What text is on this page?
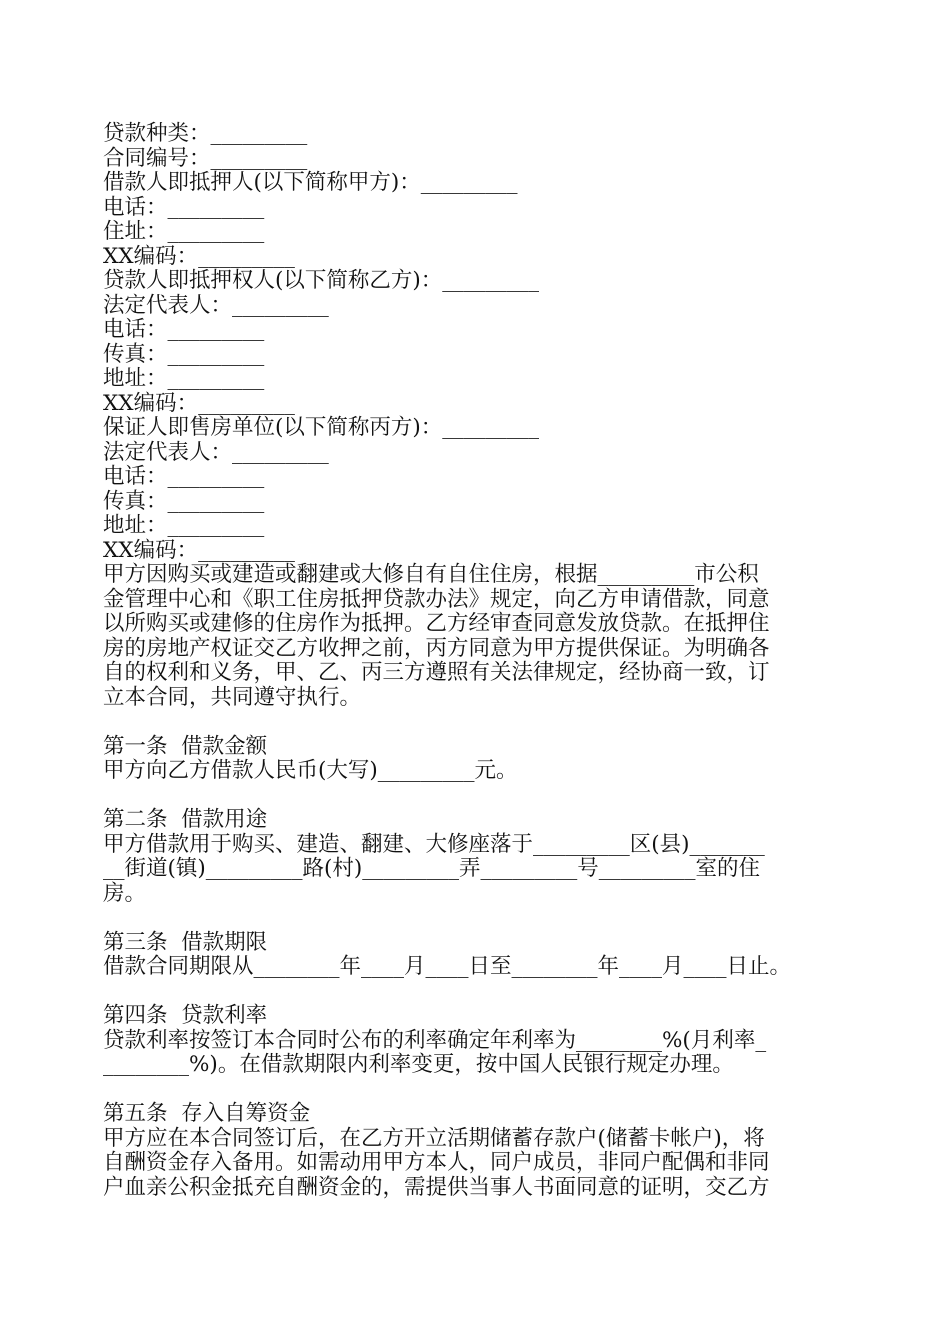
贷款种类：_________
合同编号：_________
借款人即抵押人(以下简称甲方)：_________
电话：_________
住址：_________
XX编码：_________
贷款人即抵押权人(以下简称乙方)：_________
法定代表人：_________
电话：_________
传真：_________
地址：_________
XX编码：_________
保证人即售房单位(以下简称丙方)：_________
法定代表人：_________
电话：_________
传真：_________
地址：_________
XX编码：_________
甲方因购买或建造或翻建或大修自有自住住房，根据_________市公积
金管理中心和《职工住房抵押贷款办法》规定，向乙方申请借款，同意
以所购买或建修的住房作为抵押。乙方经审查同意发放贷款。在抵押住
房的房地产权证交乙方收押之前，丙方同意为甲方提供保证。为明确各
自的权利和义务，甲、乙、丙三方遵照有关法律规定，经协商一致，订
立本合同，共同遵守执行。
第一条  借款金额
甲方向乙方借款人民币(大写)_________元。
第二条  借款用途
甲方借款用于购买、建造、翻建、大修座落于_________区(县)_______
__街道(镇)_________路(村)_________弄_________号_________室的住
房。
第三条  借款期限
借款合同期限从________年____月____日至________年____月____日止。
第四条  贷款利率
贷款利率按签订本合同时公布的利率确定年利率为________%(月利率_
________%)。在借款期限内利率变更，按中国人民银行规定办理。
第五条  存入自筹资金
甲方应在本合同签订后，在乙方开立活期储蓄存款户(储蓄卡帐户)，将
自酬资金存入备用。如需动用甲方本人，同户成员，非同户配偶和非同
户血亲公积金抵充自酬资金的，需提供当事人书面同意的证明，交乙方
